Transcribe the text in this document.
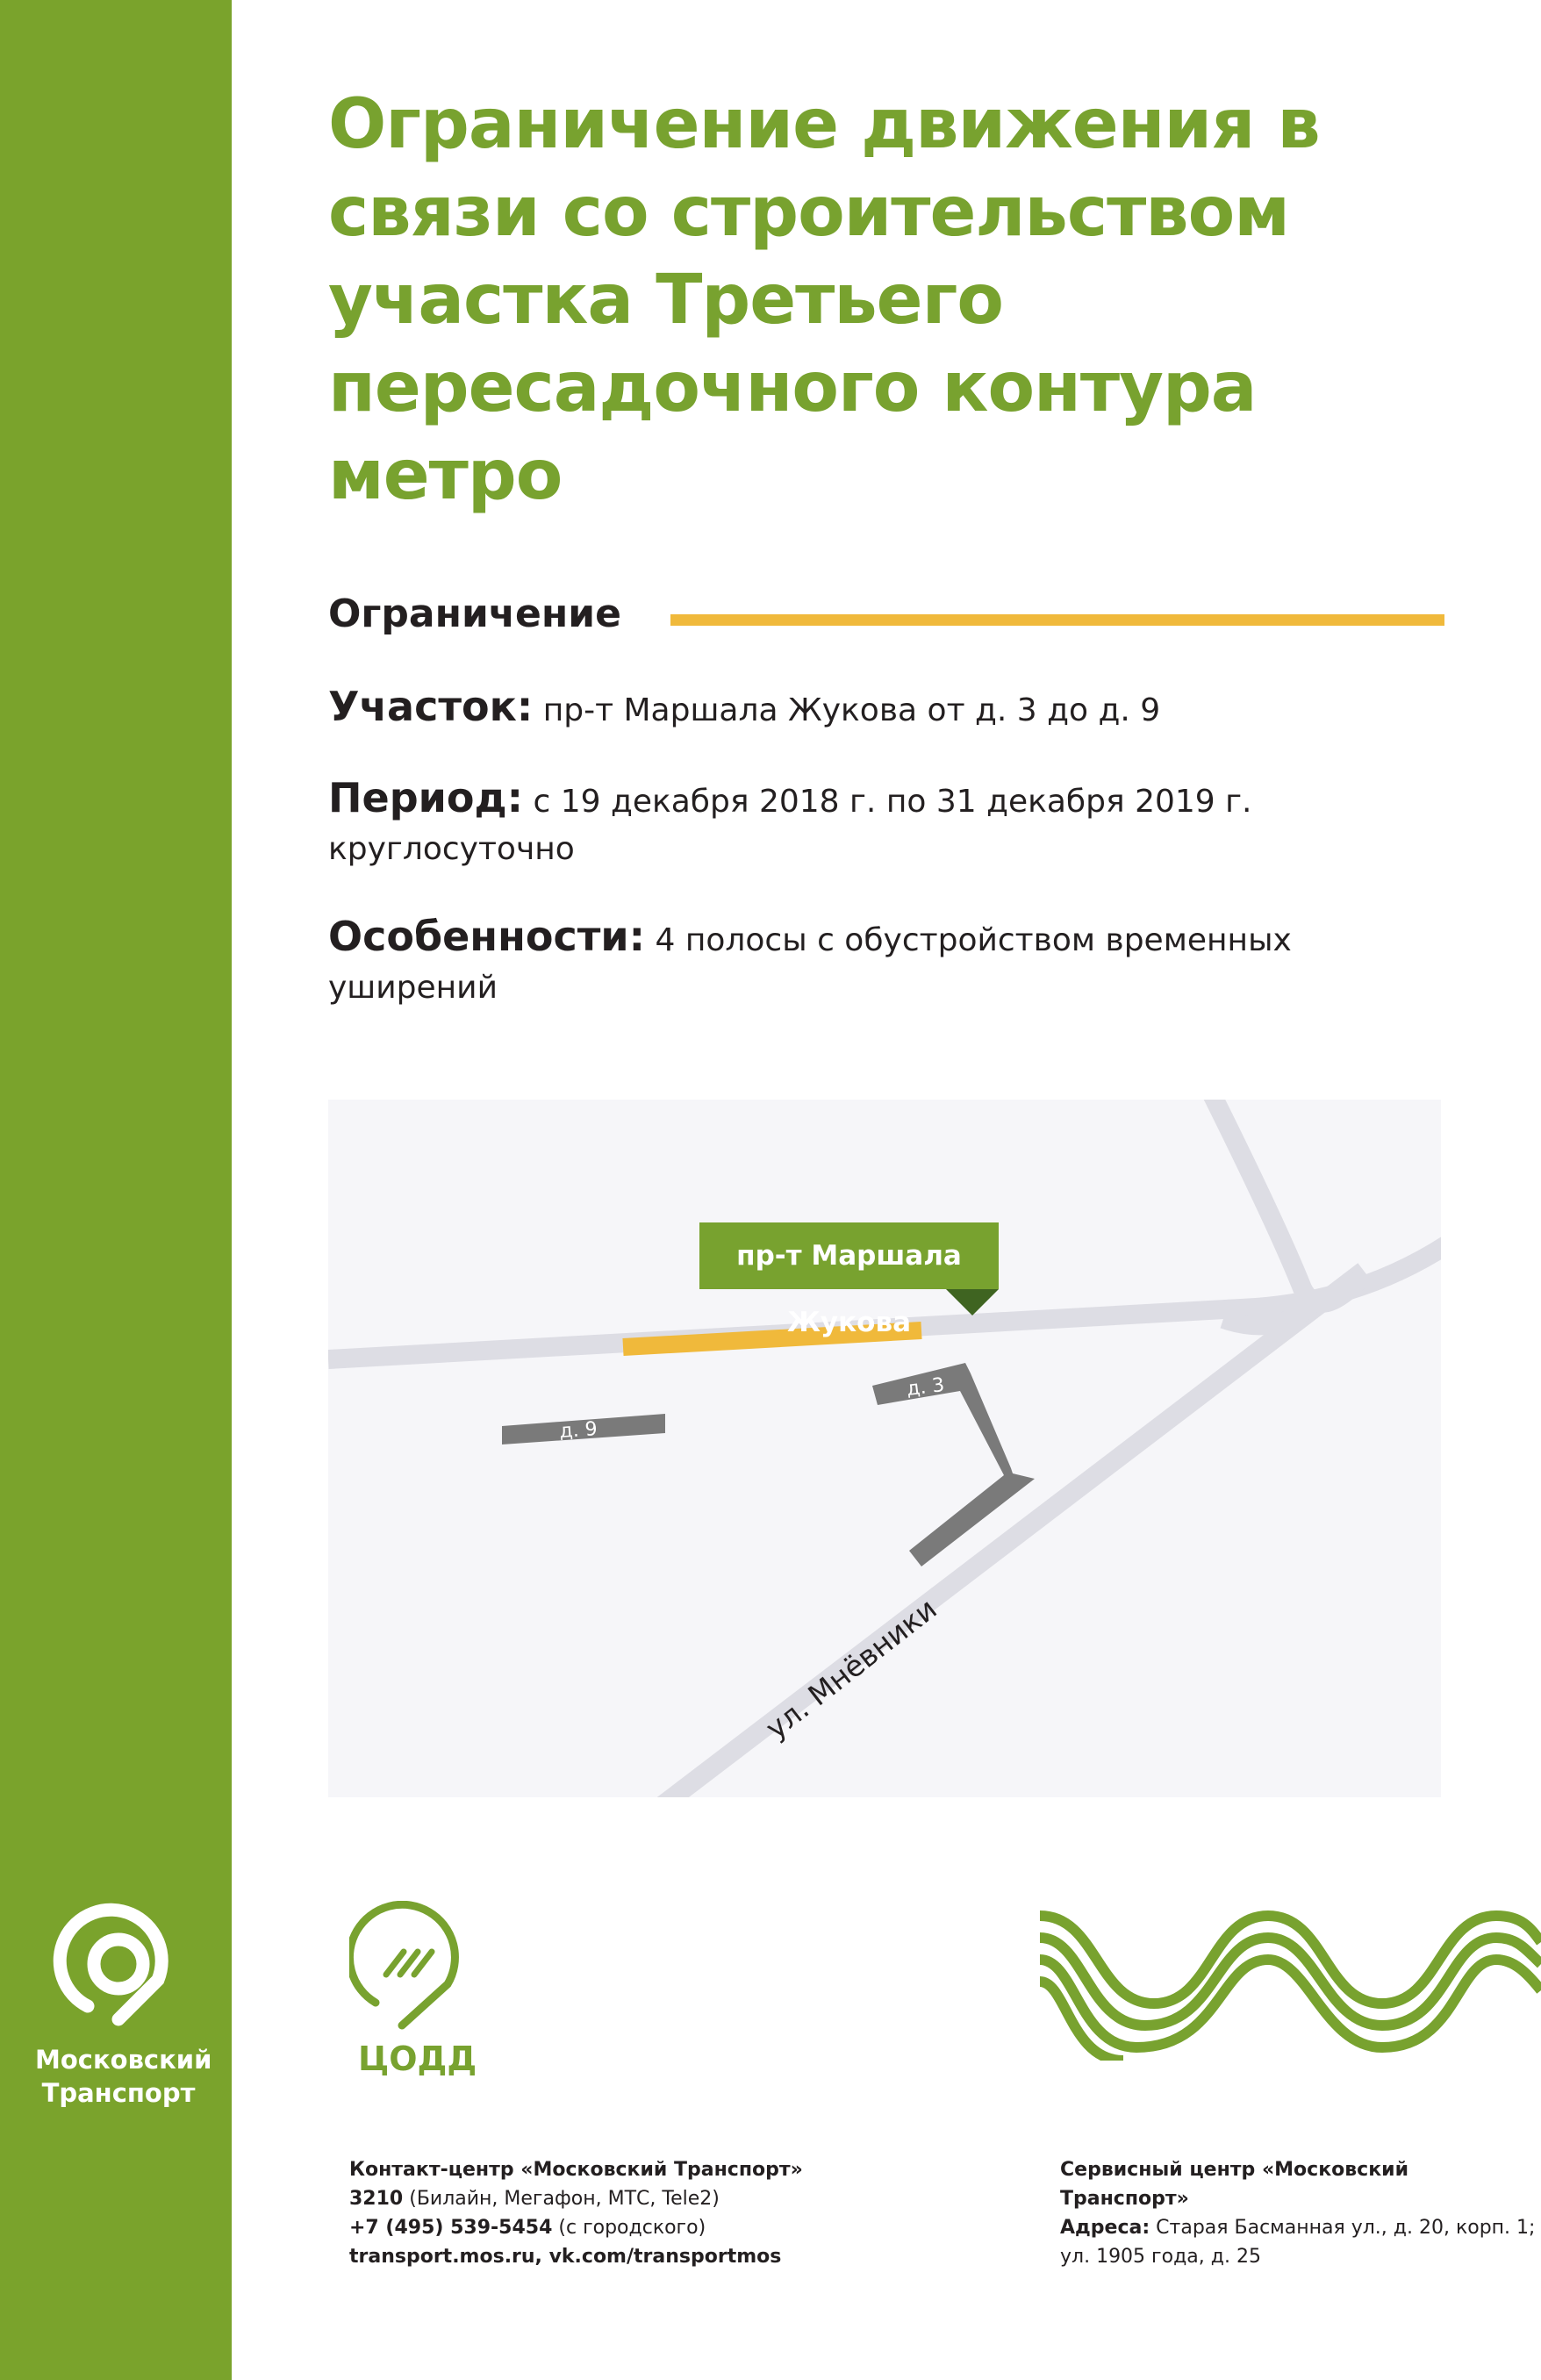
Ограничение движения в
связи со строительством
участка Третьего
пересадочного контура
метро
Ограничение

Участок: пр-т Маршала Жукова от д. 3 до д. 9

Период: с 19 декабря 2018 г. по 31 декабря 2019 г.
круглосуточно

Особенности: 4 полосы с обустройством временных
уширений

д. 3
д. 9
ул. Мнёвники
пр-т Маршала Жукова
Московский
Транспорт
ЦОДД
Контакт-центр «Московский Транспорт»
3210 (Билайн, Мегафон, МТС, Tele2)
+7 (495) 539-5454 (с городского)
transport.mos.ru, vk.com/transportmos
Сервисный центр «Московский Транспорт»
Адреса: Старая Басманная ул., д. 20, корп. 1;
ул. 1905 года, д. 25
